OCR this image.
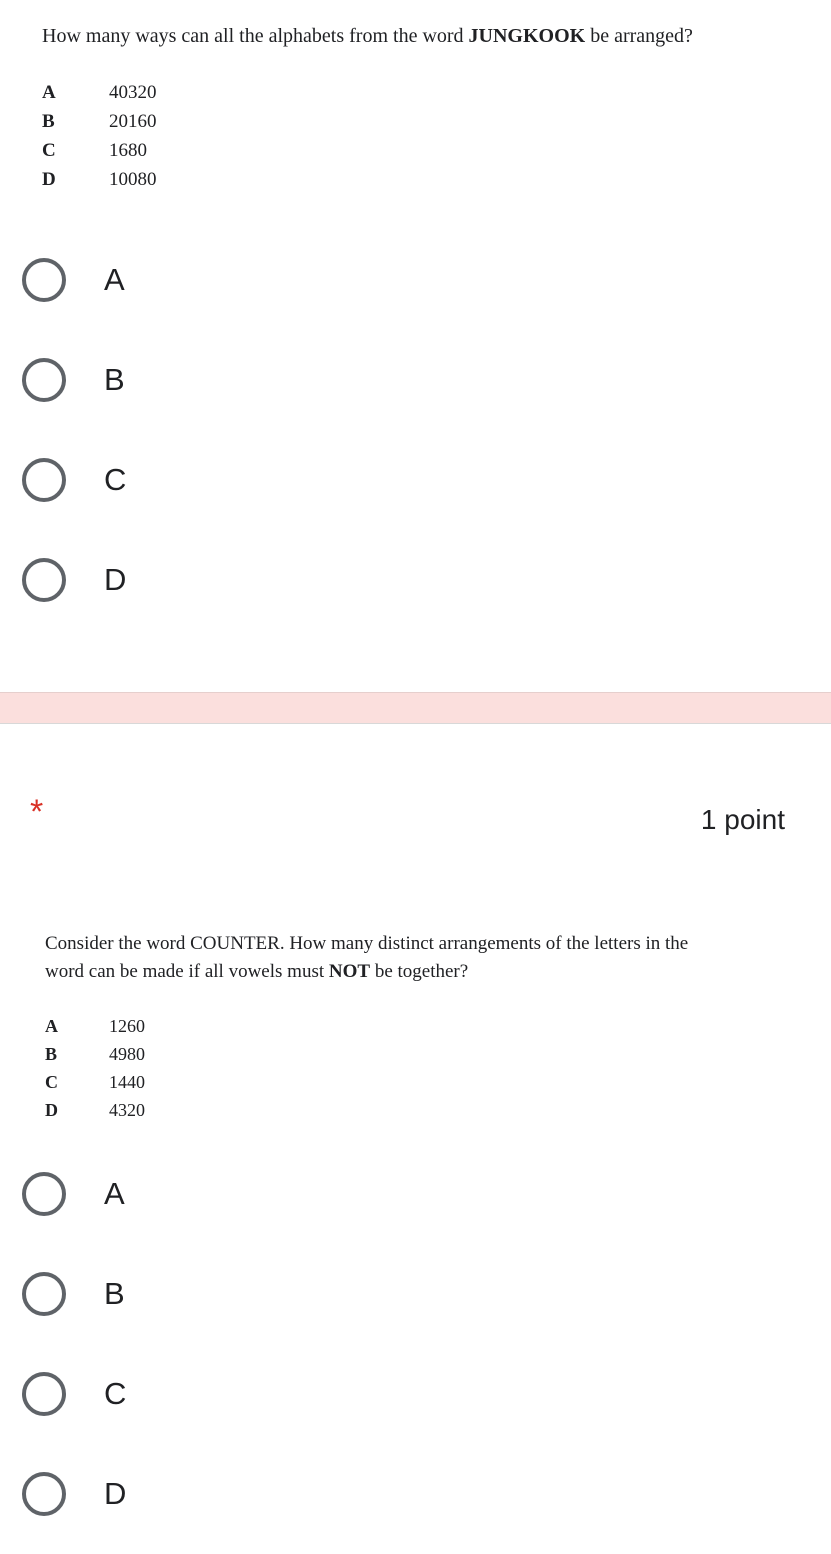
How many ways can all the alphabets from the word JUNGKOOK be arranged?
A	40320
B	20160
C	1680
D	10080
A
B
C
D
*	1 point
Consider the word COUNTER. How many distinct arrangements of the letters in the
word can be made if all vowels must NOT be together?
A	1260
B	4980
C	1440
D	4320
A
B
C
D
